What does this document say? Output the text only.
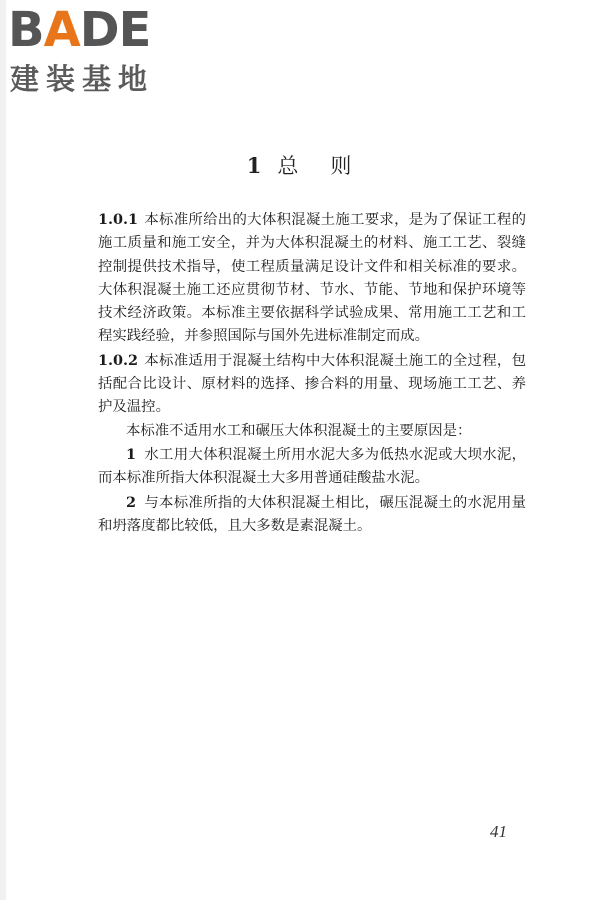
BADE
建装基地
1 总 则

1.0.1 本标准所给出的大体积混凝土施工要求，是为了保证工程的施工质量和施工安全，并为大体积混凝土的材料、施工工艺、裂缝控制提供技术指导，使工程质量满足设计文件和相关标准的要求。大体积混凝土施工还应贯彻节材、节水、节能、节地和保护环境等技术经济政策。本标准主要依据科学试验成果、常用施工工艺和工程实践经验，并参照国际与国外先进标准制定而成。

1.0.2 本标准适用于混凝土结构中大体积混凝土施工的全过程，包括配合比设计、原材料的选择、掺合料的用量、现场施工工艺、养护及温控。

本标准不适用水工和碾压大体积混凝土的主要原因是：

1 水工用大体积混凝土所用水泥大多为低热水泥或大坝水泥，而本标准所指大体积混凝土大多用普通硅酸盐水泥。

2 与本标准所指的大体积混凝土相比，碾压混凝土的水泥用量和坍落度都比较低，且大多数是素混凝土。

41
